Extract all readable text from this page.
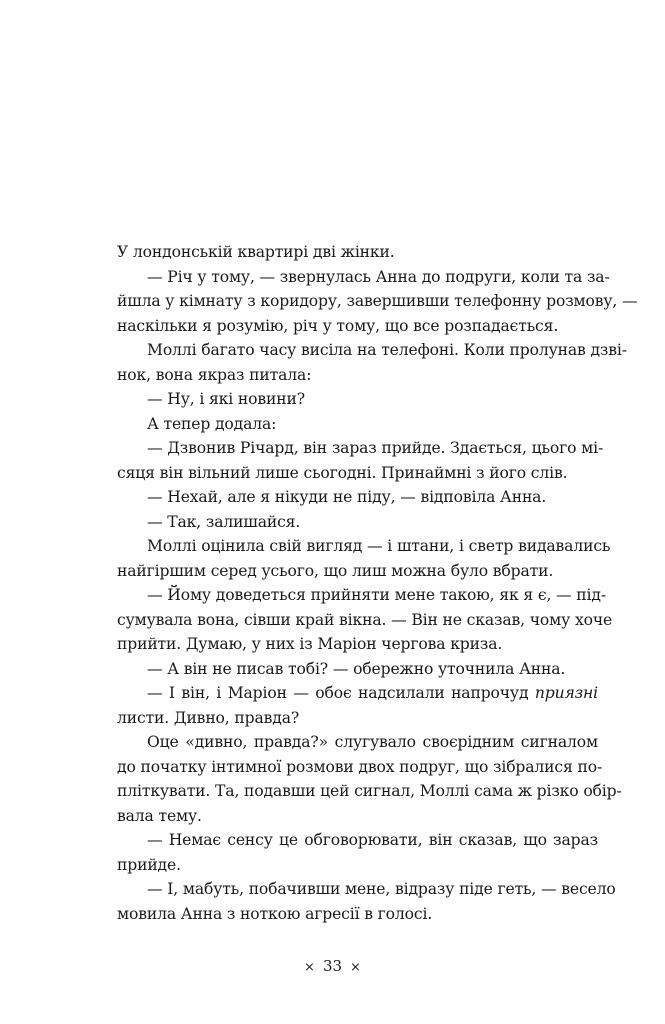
У лондонській квартирі дві жінки.
— Річ у тому, — звернулась Анна до подруги, коли та за-
йшла у кімнату з коридору, завершивши телефонну розмову, —
наскільки я розумію, річ у тому, що все розпадається.
Моллі багато часу висіла на телефоні. Коли пролунав дзві-
нок, вона якраз питала:
— Ну, і які новини?
А тепер додала:
— Дзвонив Річард, він зараз прийде. Здається, цього мі-
сяця він вільний лише сьогодні. Принаймні з його слів.
— Нехай, але я нікуди не піду, — відповіла Анна.
— Так, залишайся.
Моллі оцінила свій вигляд — і штани, і светр видавались
найгіршим серед усього, що лиш можна було вбрати.
— Йому доведеться прийняти мене такою, як я є, — під-
сумувала вона, сівши край вікна. — Він не сказав, чому хоче
прийти. Думаю, у них із Маріон чергова криза.
— А він не писав тобі? — обережно уточнила Анна.
— І він, і Маріон — обоє надсилали напрочуд приязні
листи. Дивно, правда?
Оце «дивно, правда?» слугувало своєрідним сигналом
до початку інтимної розмови двох подруг, що зібралися по-
пліткувати. Та, подавши цей сигнал, Моллі сама ж різко обір-
вала тему.
— Немає сенсу це обговорювати, він сказав, що зараз
прийде.
— І, мабуть, побачивши мене, відразу піде геть, — весело
мовила Анна з ноткою агресії в голосі.
× 33 ×
